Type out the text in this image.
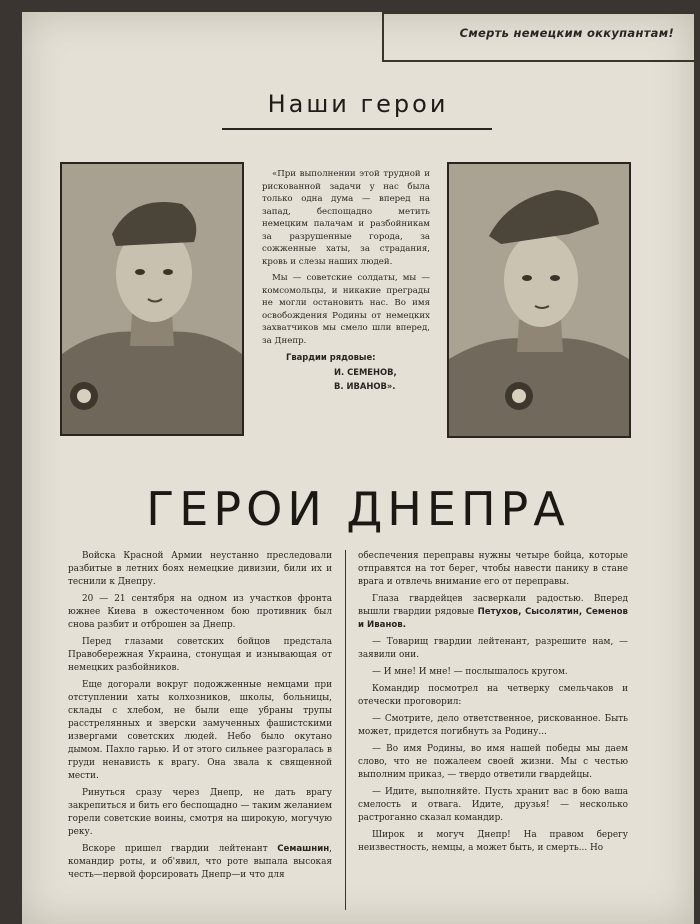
Смерть немецким оккупантам!
Наши герои

«При выполнении этой трудной и рискованной задачи у нас была только одна дума — вперед на запад, беспощадно метить немецким палачам и разбойникам за разрушенные города, за сожженные хаты, за страдания, кровь и слезы наших людей.

Мы — советские солдаты, мы — комсомольцы, и никакие преграды не могли остановить нас. Во имя освобождения Родины от немецких захватчиков мы смело шли вперед, за Днепр.

Гвардии рядовые:
И. СЕМЕНОВ,
В. ИВАНОВ».
ГЕРОИ ДНЕПРА

Войска Красной Армии неустанно преследовали разбитые в летних боях немецкие дивизии, били их и теснили к Днепру.

20 — 21 сентября на одном из участков фронта южнее Киева в ожесточенном бою противник был снова разбит и отброшен за Днепр.

Перед глазами советских бойцов предстала Правобережная Украина, стонущая и изнывающая от немецких разбойников.

Еще догорали вокруг подожженные немцами при отступлении хаты колхозников, школы, больницы, склады с хлебом, не были еще убраны трупы расстрелянных и зверски замученных фашистскими извергами советских людей. Небо было окутано дымом. Пахло гарью. И от этого сильнее разгоралась в груди ненависть к врагу. Она звала к священной мести.

Ринуться сразу через Днепр, не дать врагу закрепиться и бить его беспощадно — таким желанием горели советские воины, смотря на широкую, могучую реку.

Вскоре пришел гвардии лейтенант Семашнин, командир роты, и об'явил, что роте выпала высокая честь—первой форсировать Днепр—и что для

обеспечения переправы нужны четыре бойца, которые отправятся на тот берег, чтобы навести панику в стане врага и отвлечь внимание его от переправы.

Глаза гвардейцев засверкали радостью. Вперед вышли гвардии рядовые Петухов, Сысолятин, Семенов и Иванов.

— Товарищ гвардии лейтенант, разрешите нам, — заявили они.

— И мне! И мне! — послышалось кругом.

Командир посмотрел на четверку смельчаков и отечески проговорил:

— Смотрите, дело ответственное, рискованное. Быть может, придется погибнуть за Родину...

— Во имя Родины, во имя нашей победы мы даем слово, что не пожалеем своей жизни. Мы с честью выполним приказ, — твердо ответили гвардейцы.

— Идите, выполняйте. Пусть хранит вас в бою ваша смелость и отвага. Идите, друзья! — несколько растроганно сказал командир.

Широк и могуч Днепр! На правом берегу неизвестность, немцы, а может быть, и смерть... Но
